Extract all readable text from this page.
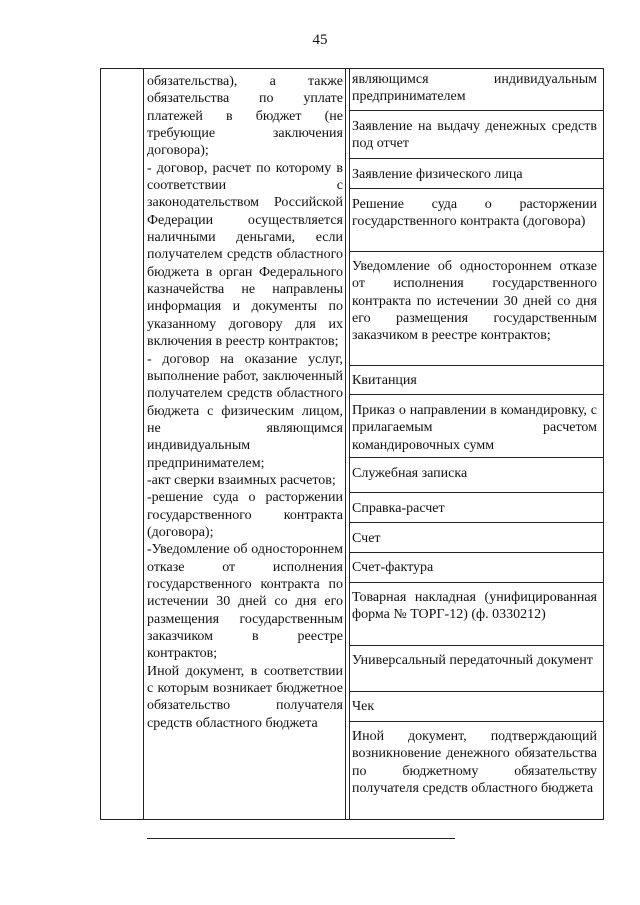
45

обязательства), а также обязательства по уплате платежей в бюджет (не требующие заключения договора);

- договор, расчет по которому в соответствии с законодательством Российской Федерации осуществляется наличными деньгами, если получателем средств областного бюджета в орган Федерального казначейства не направлены информация и документы по указанному договору для их включения в реестр контрактов;

- договор на оказание услуг, выполнение работ, заключенный получателем средств областного бюджета с физическим лицом, не являющимся индивидуальным предпринимателем;

-акт сверки взаимных расчетов;

-решение суда о расторжении государственного контракта (договора);

-Уведомление об одностороннем отказе от исполнения государственного контракта по истечении 30 дней со дня его размещения государственным заказчиком в реестре контрактов;

Иной документ, в соответствии с которым возникает бюджетное обязательство получателя средств областного бюджета

являющимся индивидуальным предпринимателем
Заявление на выдачу денежных средств под отчет
Заявление физического лица
Решение суда о расторжении государственного контракта (договора)
Уведомление об одностороннем отказе от исполнения государственного контракта по истечении 30 дней со дня его размещения государственным заказчиком в реестре контрактов;
Квитанция
Приказ о направлении в командировку, с прилагаемым расчетом командировочных сумм
Служебная записка
Справка-расчет
Счет
Счет-фактура
Товарная накладная (унифицированная форма № ТОРГ-12) (ф. 0330212)
Универсальный передаточный документ
Чек
Иной документ, подтверждающий возникновение денежного обязательства по бюджетному обязательству получателя средств областного бюджета
